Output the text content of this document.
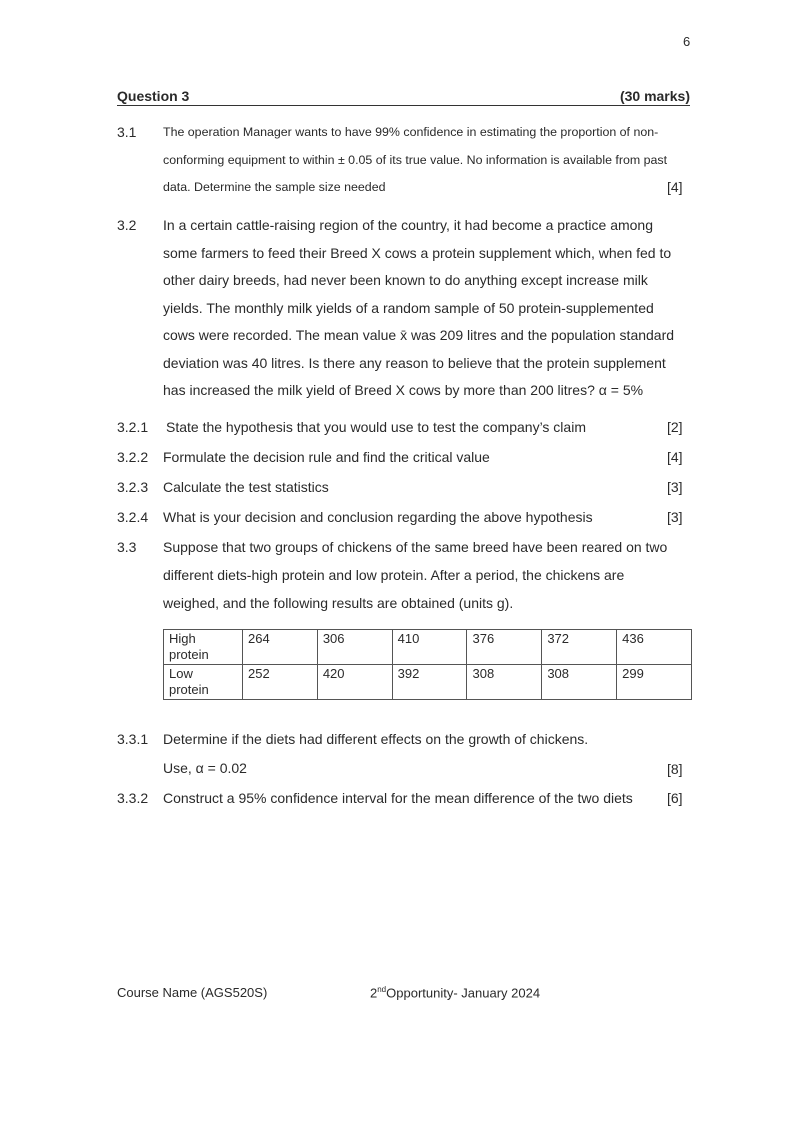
6
Question 3	(30 marks)
3.1 The operation Manager wants to have 99% confidence in estimating the proportion of non-
conforming equipment to within ± 0.05 of its true value. No information is available from past
data. Determine the sample size needed	[4]
3.2 In a certain cattle-raising region of the country, it had become a practice among
some farmers to feed their Breed X cows a protein supplement which, when fed to
other dairy breeds, had never been known to do anything except increase milk
yields. The monthly milk yields of a random sample of 50 protein-supplemented
cows were recorded. The mean value x̄ was 209 litres and the population standard
deviation was 40 litres. Is there any reason to believe that the protein supplement
has increased the milk yield of Breed X cows by more than 200 litres? α = 5%
3.2.1 State the hypothesis that you would use to test the company’s claim	[2]
3.2.2 Formulate the decision rule and find the critical value	[4]
3.2.3 Calculate the test statistics	[3]
3.2.4 What is your decision and conclusion regarding the above hypothesis	[3]
3.3 Suppose that two groups of chickens of the same breed have been reared on two
different diets-high protein and low protein. After a period, the chickens are
weighed, and the following results are obtained (units g).
High
protein	264	306	410	376	372	436
Low
protein	252	420	392	308	308	299
3.3.1 Determine if the diets had different effects on the growth of chickens.
Use, α = 0.02	[8]
3.3.2 Construct a 95% confidence interval for the mean difference of the two diets [6]
Course Name (AGS520S)	2ndOpportunity- January 2024
